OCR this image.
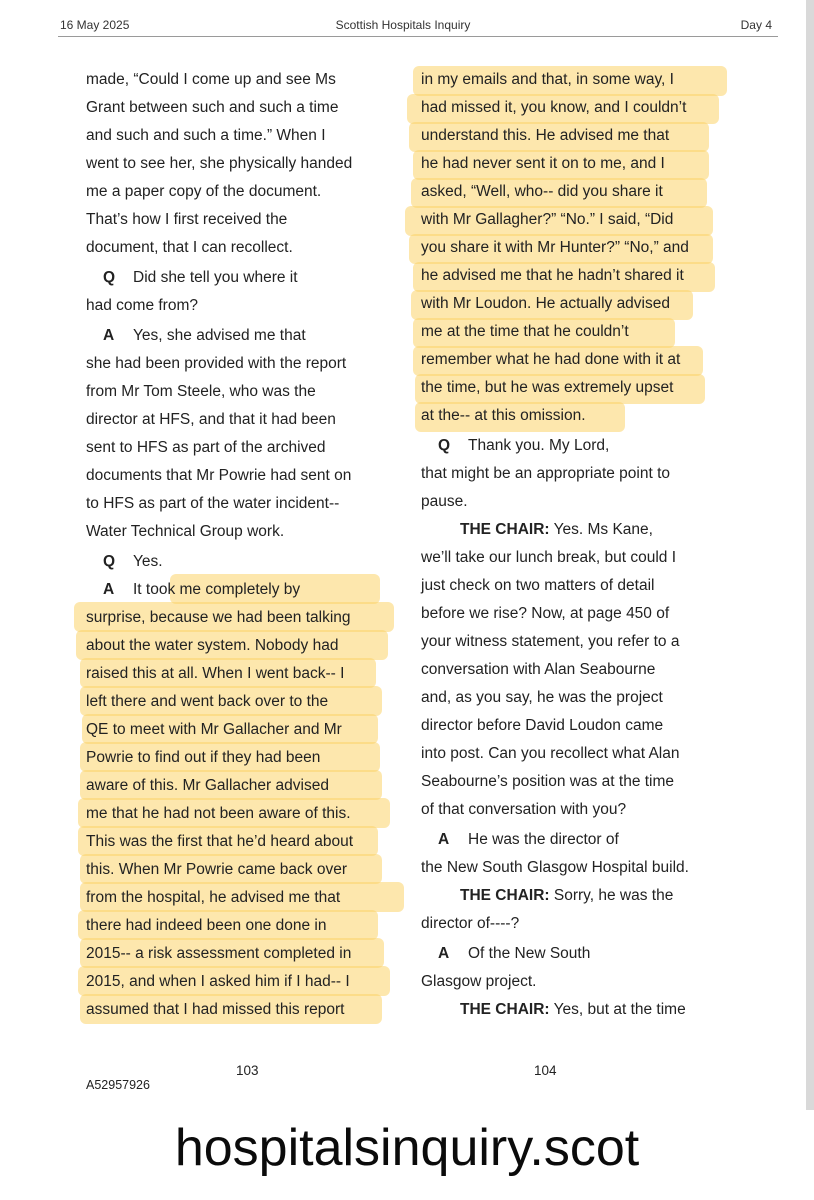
16 May 2025	Scottish Hospitals Inquiry	Day 4
made, “Could I come up and see Ms
Grant between such and such a time
and such and such a time.” When I
went to see her, she physically handed
me a paper copy of the document.
That’s how I first received the
document, that I can recollect.
Q Did she tell you where it
had come from?
A Yes, she advised me that
she had been provided with the report
from Mr Tom Steele, who was the
director at HFS, and that it had been
sent to HFS as part of the archived
documents that Mr Powrie had sent on
to HFS as part of the water incident--
Water Technical Group work.
Q Yes.
A It took me completely by
surprise, because we had been talking
about the water system. Nobody had
raised this at all. When I went back-- I
left there and went back over to the
QE to meet with Mr Gallacher and Mr
Powrie to find out if they had been
aware of this. Mr Gallacher advised
me that he had not been aware of this.
This was the first that he’d heard about
this. When Mr Powrie came back over
from the hospital, he advised me that
there had indeed been one done in
2015-- a risk assessment completed in
2015, and when I asked him if I had-- I
assumed that I had missed this report
in my emails and that, in some way, I
had missed it, you know, and I couldn’t
understand this. He advised me that
he had never sent it on to me, and I
asked, “Well, who-- did you share it
with Mr Gallagher?” “No.” I said, “Did
you share it with Mr Hunter?” “No,” and
he advised me that he hadn’t shared it
with Mr Loudon. He actually advised
me at the time that he couldn’t
remember what he had done with it at
the time, but he was extremely upset
at the-- at this omission.
Q Thank you. My Lord,
that might be an appropriate point to
pause.
THE CHAIR: Yes. Ms Kane,
we’ll take our lunch break, but could I
just check on two matters of detail
before we rise? Now, at page 450 of
your witness statement, you refer to a
conversation with Alan Seabourne
and, as you say, he was the project
director before David Loudon came
into post. Can you recollect what Alan
Seabourne’s position was at the time
of that conversation with you?
A He was the director of
the New South Glasgow Hospital build.
THE CHAIR: Sorry, he was the
director of----?
A Of the New South
Glasgow project.
THE CHAIR: Yes, but at the time
103	104
A52957926
hospitalsinquiry.scot
